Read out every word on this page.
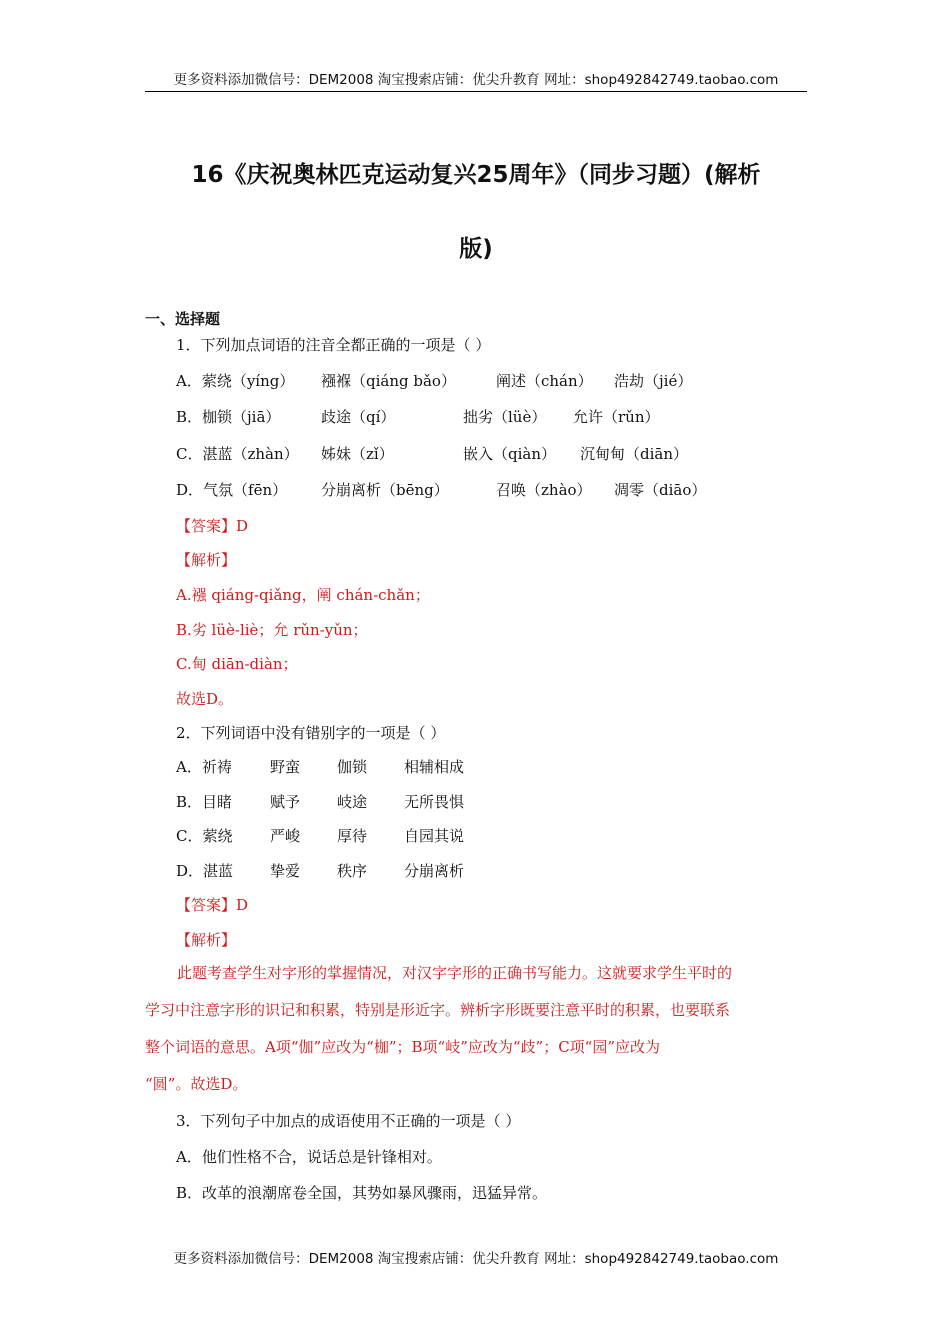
更多资料添加微信号：DEM2008 淘宝搜索店铺：优尖升教育 网址：shop492842749.taobao.com
16《庆祝奥林匹克运动复兴25周年》（同步习题）(解析
版)
一、选择题
1．下列加点词语的注音全都正确的一项是（ ）
A．萦绕（yíng） 襁褓（qiáng bǎo）	阐述（chán） 浩劫（jié）
B．枷锁（jiā）	歧途（qí）	拙劣（lüè） 允许（rǔn）
C．湛蓝（zhàn） 姊妹（zǐ）	嵌入（qiàn） 沉甸甸（diān）
D．气氛（fēn） 分崩离析（bēng）	召唤（zhào） 凋零（diāo）
【答案】D
【解析】
A.襁 qiáng-qiǎng，阐 chán-chǎn；
B.劣 lüè-liè；允 rǔn-yǔn；
C.甸 diān-diàn；
故选D。
2．下列词语中没有错别字的一项是（ ）
A．祈祷	野蛮 伽锁 相辅相成
B．目睹	赋予 岐途 无所畏惧
C．萦绕	严峻 厚待 自园其说
D．湛蓝 挚爱 秩序 分崩离析
【答案】D
【解析】
此题考查学生对字形的掌握情况，对汉字字形的正确书写能力。这就要求学生平时的
学习中注意字形的识记和积累，特别是形近字。辨析字形既要注意平时的积累，也要联系
整个词语的意思。A项“伽”应改为“枷”；B项“岐”应改为“歧”；C项“园”应改为
“圆”。故选D。
3．下列句子中加点的成语使用不正确的一项是（ ）
A．他们性格不合，说话总是针锋相对。
B．改革的浪潮席卷全国，其势如暴风骤雨，迅猛异常。
更多资料添加微信号：DEM2008 淘宝搜索店铺：优尖升教育 网址：shop492842749.taobao.com
